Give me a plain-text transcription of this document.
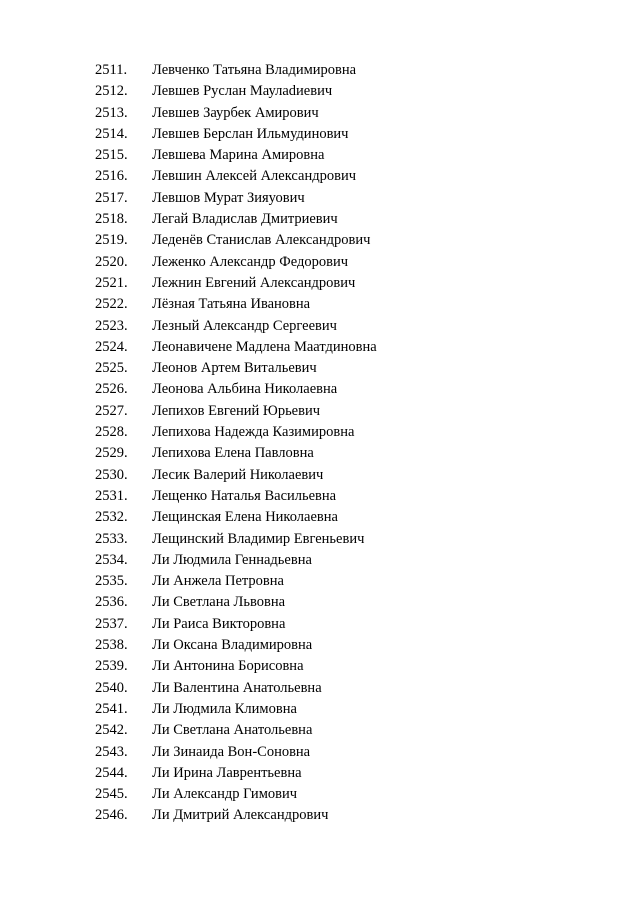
2511. Левченко Татьяна Владимировна
2512. Левшев Руслан Маулadиевич
2513. Левшев Заурбек Амирович
2514. Левшев Берслан Ильмудинович
2515. Левшева Марина Амировна
2516. Левшин Алексей Александрович
2517. Левшов Мурат Зияуович
2518. Легай Владислав Дмитриевич
2519. Леденёв Станислав Александрович
2520. Леженко Александр Федорович
2521. Лежнин Евгений Александрович
2522. Лёзная Татьяна Ивановна
2523. Лезный Александр Сергеевич
2524. Леонавичене Мадлена Маатдиновна
2525. Леонов Артем Витальевич
2526. Леонова Альбина Николаевна
2527. Лепихов Евгений Юрьевич
2528. Лепихова Надежда Казимировна
2529. Лепихова Елена Павловна
2530. Лесик Валерий Николаевич
2531. Лещенко Наталья Васильевна
2532. Лещинская Елена Николаевна
2533. Лещинский Владимир Евгеньевич
2534. Ли Людмила Геннадьевна
2535. Ли Анжела Петровна
2536. Ли Светлана Львовна
2537. Ли Раиса Викторовна
2538. Ли Оксана Владимировна
2539. Ли Антонина Борисовна
2540. Ли Валентина Анатольевна
2541. Ли Людмила Климовна
2542. Ли Светлана Анатольевна
2543. Ли Зинаида Вон-Соновна
2544. Ли Ирина Лаврентьевна
2545. Ли Александр Гимович
2546. Ли Дмитрий Александрович
